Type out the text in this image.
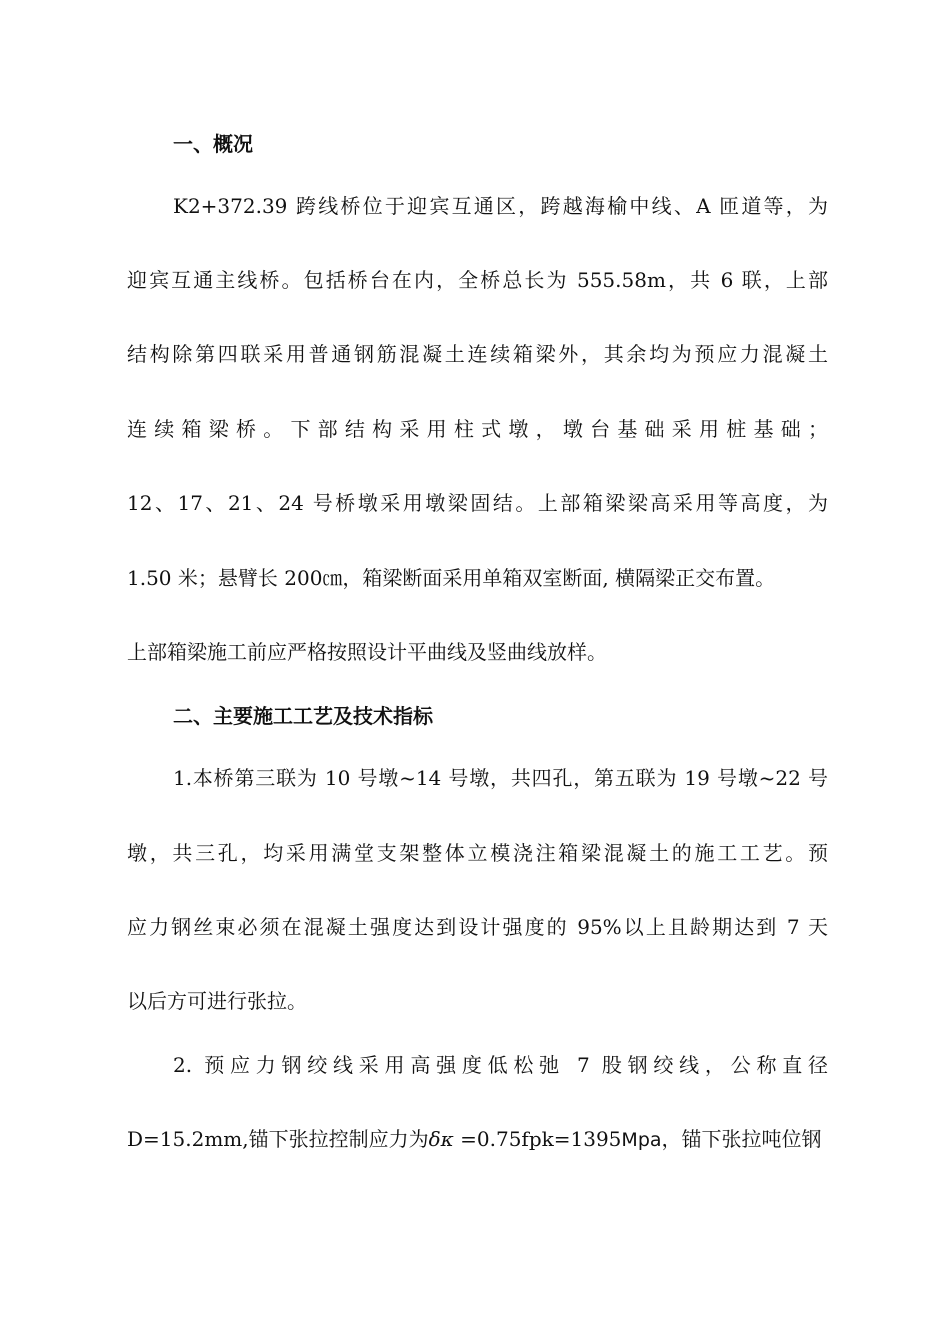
一、概况
K2+372.39 跨线桥位于迎宾互通区，跨越海榆中线、A 匝道等，为
迎宾互通主线桥。包括桥台在内，全桥总长为 555.58m，共 6 联，上部
结构除第四联采用普通钢筋混凝土连续箱梁外，其余均为预应力混凝土
连续箱梁桥。下部结构采用柱式墩，墩台基础采用桩基础；
12、17、21、24 号桥墩采用墩梁固结。上部箱梁梁高采用等高度，为
1.50 米；悬臂长 200㎝，箱梁断面采用单箱双室断面, 横隔梁正交布置。
上部箱梁施工前应严格按照设计平曲线及竖曲线放样。
二、主要施工工艺及技术指标
1.本桥第三联为 10 号墩~14 号墩，共四孔，第五联为 19 号墩~22 号
墩，共三孔，均采用满堂支架整体立模浇注箱梁混凝土的施工工艺。预
应力钢丝束必须在混凝土强度达到设计强度的 95%以上且龄期达到 7 天
以后方可进行张拉。
2. 预应力钢绞线采用高强度低松弛 7 股钢绞线，公称直径
D=15.2mm,锚下张拉控制应力为δκ =0.75fpk=1395Mpa，锚下张拉吨位钢
